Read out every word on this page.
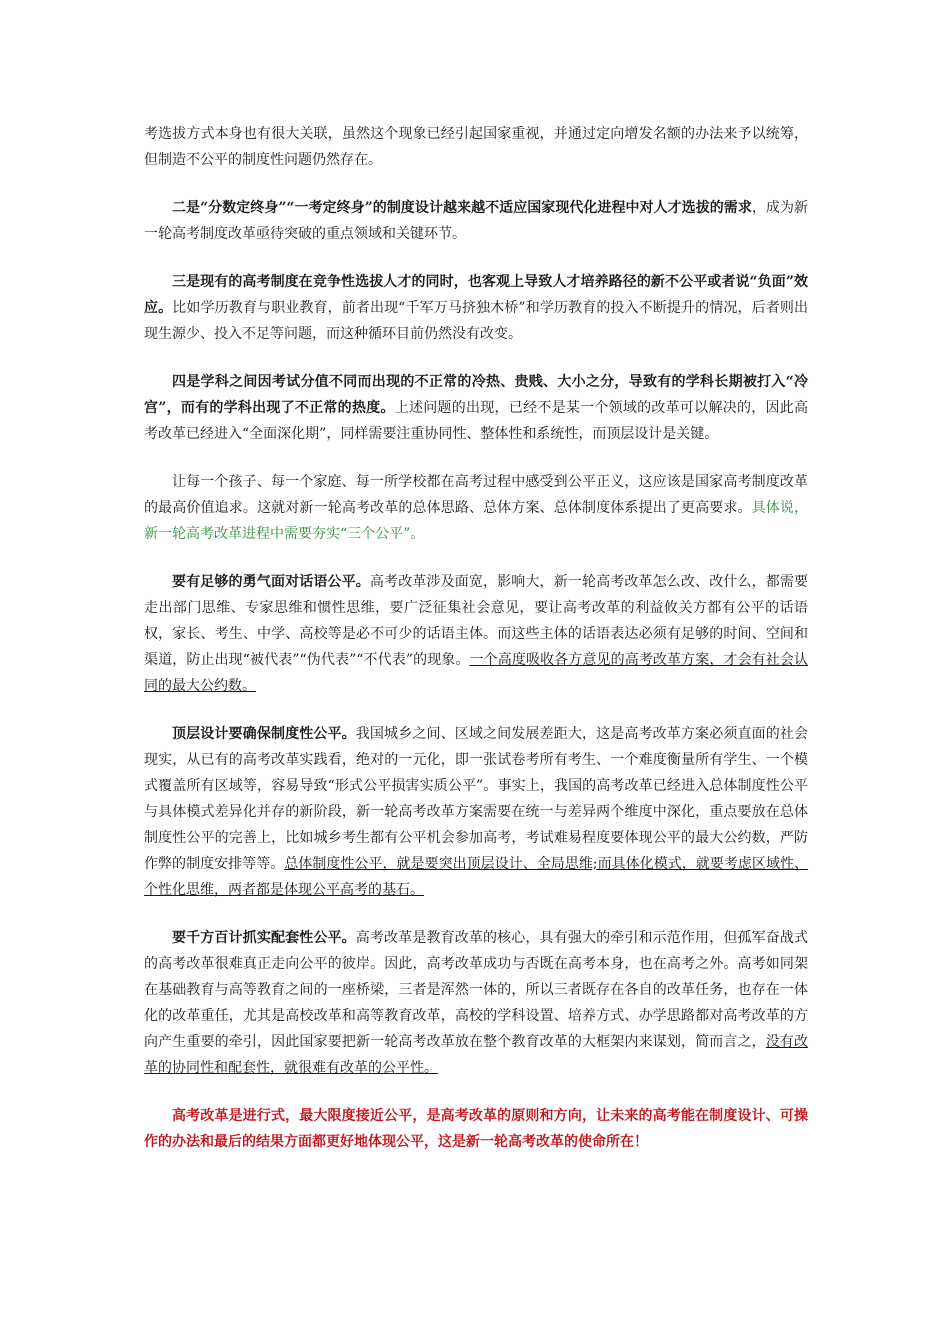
考选拔方式本身也有很大关联，虽然这个现象已经引起国家重视，并通过定向增发名额的办法来予以统筹，但制造不公平的制度性问题仍然存在。

二是“分数定终身”“一考定终身”的制度设计越来越不适应国家现代化进程中对人才选拔的需求，成为新一轮高考制度改革亟待突破的重点领域和关键环节。

三是现有的高考制度在竞争性选拔人才的同时，也客观上导致人才培养路径的新不公平或者说“负面”效应。比如学历教育与职业教育，前者出现“千军万马挤独木桥”和学历教育的投入不断提升的情况，后者则出现生源少、投入不足等问题，而这种循环目前仍然没有改变。

四是学科之间因考试分值不同而出现的不正常的冷热、贵贱、大小之分，导致有的学科长期被打入“冷宫”，而有的学科出现了不正常的热度。上述问题的出现，已经不是某一个领域的改革可以解决的，因此高考改革已经进入“全面深化期”，同样需要注重协同性、整体性和系统性，而顶层设计是关键。

让每一个孩子、每一个家庭、每一所学校都在高考过程中感受到公平正义，这应该是国家高考制度改革的最高价值追求。这就对新一轮高考改革的总体思路、总体方案、总体制度体系提出了更高要求。具体说，新一轮高考改革进程中需要夯实“三个公平”。

要有足够的勇气面对话语公平。高考改革涉及面宽，影响大，新一轮高考改革怎么改、改什么，都需要走出部门思维、专家思维和惯性思维，要广泛征集社会意见，要让高考改革的利益攸关方都有公平的话语权，家长、考生、中学、高校等是必不可少的话语主体。而这些主体的话语表达必须有足够的时间、空间和渠道，防止出现“被代表”“伪代表”“不代表”的现象。一个高度吸收各方意见的高考改革方案，才会有社会认同的最大公约数。

顶层设计要确保制度性公平。我国城乡之间、区域之间发展差距大，这是高考改革方案必须直面的社会现实，从已有的高考改革实践看，绝对的一元化，即一张试卷考所有考生、一个难度衡量所有学生、一个模式覆盖所有区域等，容易导致“形式公平损害实质公平”。事实上，我国的高考改革已经进入总体制度性公平与具体模式差异化并存的新阶段，新一轮高考改革方案需要在统一与差异两个维度中深化，重点要放在总体制度性公平的完善上，比如城乡考生都有公平机会参加高考，考试难易程度要体现公平的最大公约数，严防作弊的制度安排等等。总体制度性公平，就是要突出顶层设计、全局思维;而具体化模式，就要考虑区域性、个性化思维，两者都是体现公平高考的基石。

要千方百计抓实配套性公平。高考改革是教育改革的核心，具有强大的牵引和示范作用，但孤军奋战式的高考改革很难真正走向公平的彼岸。因此，高考改革成功与否既在高考本身，也在高考之外。高考如同架在基础教育与高等教育之间的一座桥梁，三者是浑然一体的，所以三者既存在各自的改革任务，也存在一体化的改革重任，尤其是高校改革和高等教育改革，高校的学科设置、培养方式、办学思路都对高考改革的方向产生重要的牵引，因此国家要把新一轮高考改革放在整个教育改革的大框架内来谋划，简而言之，没有改革的协同性和配套性，就很难有改革的公平性。

高考改革是进行式，最大限度接近公平，是高考改革的原则和方向，让未来的高考能在制度设计、可操作的办法和最后的结果方面都更好地体现公平，这是新一轮高考改革的使命所在！
